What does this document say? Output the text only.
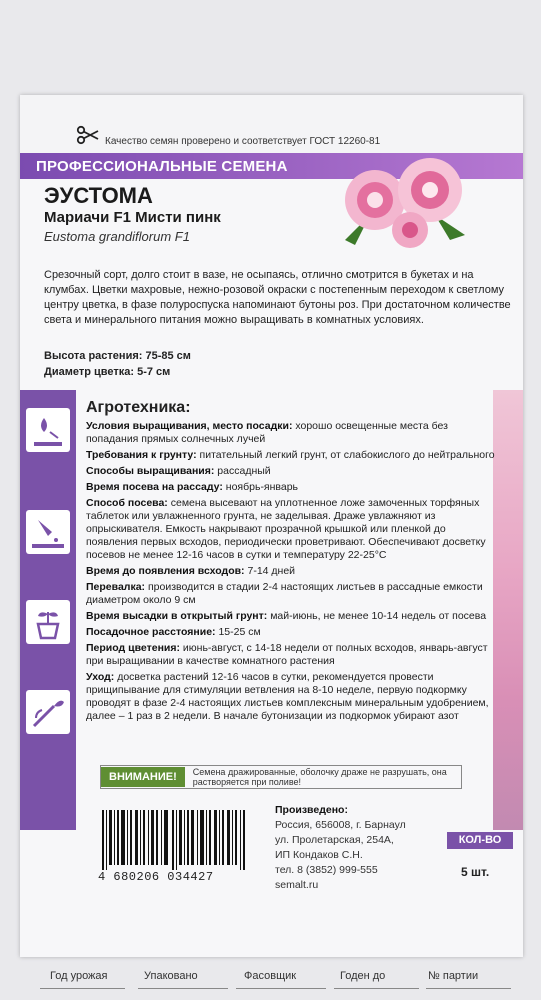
Качество семян проверено и соответствует ГОСТ 12260-81
ПРОФЕССИОНАЛЬНЫЕ СЕМЕНА
ЭУСТОМА
Мариачи F1 Мисти пинк
Eustoma grandiflorum F1
Срезочный сорт, долго стоит в вазе, не осыпаясь, отлично смотрится в букетах и на клумбах. Цветки махровые, нежно-розовой окраски с постепенным переходом к светлому центру цветка, в фазе полуроспуска напоминают бутоны роз. При достаточном количестве света и минерального питания можно выращивать в комнатных условиях.
Высота растения: 75-85 см
Диаметр цветка: 5-7 см
Агротехника:
Условия выращивания, место посадки: хорошо освещенные места без попадания прямых солнечных лучей
Требования к грунту: питательный легкий грунт, от слабокислого до нейтрального
Способы выращивания: рассадный
Время посева на рассаду: ноябрь-январь
Способ посева: семена высевают на уплотненное ложе замоченных торфяных таблеток или увлажненного грунта, не заделывая. Драже увлажняют из опрыскивателя. Емкость накрывают прозрачной крышкой или пленкой до появления первых всходов, периодически проветривают. Обеспечивают досветку посевов не менее 12-16 часов в сутки и температуру 22-25°С
Время до появления всходов: 7-14 дней
Перевалка: производится в стадии 2-4 настоящих листьев в рассадные емкости диаметром около 9 см
Время высадки в открытый грунт: май-июнь, не менее 10-14 недель от посева
Посадочное расстояние: 15-25 см
Период цветения: июнь-август, с 14-18 недели от полных всходов, январь-август при выращивании в качестве комнатного растения
Уход: досветка растений 12-16 часов в сутки, рекомендуется провести прищипывание для стимуляции ветвления на 8-10 неделе, первую подкормку проводят в фазе 2-4 настоящих листьев комплексным минеральным удобрением, далее – 1 раз в 2 недели. В начале бутонизации из подкормок убирают азот
ВНИМАНИЕ!	Семена дражированные, оболочку драже не разрушать, она растворяется при поливе!
4 680206 034427
Произведено:
Россия, 656008, г. Барнаул
ул. Пролетарская, 254А,
ИП Кондаков С.Н.
тел. 8 (3852) 999-555
semalt.ru
КОЛ-ВО
5 шт.
Год урожая	Упаковано	Фасовщик	Годен до	№ партии
